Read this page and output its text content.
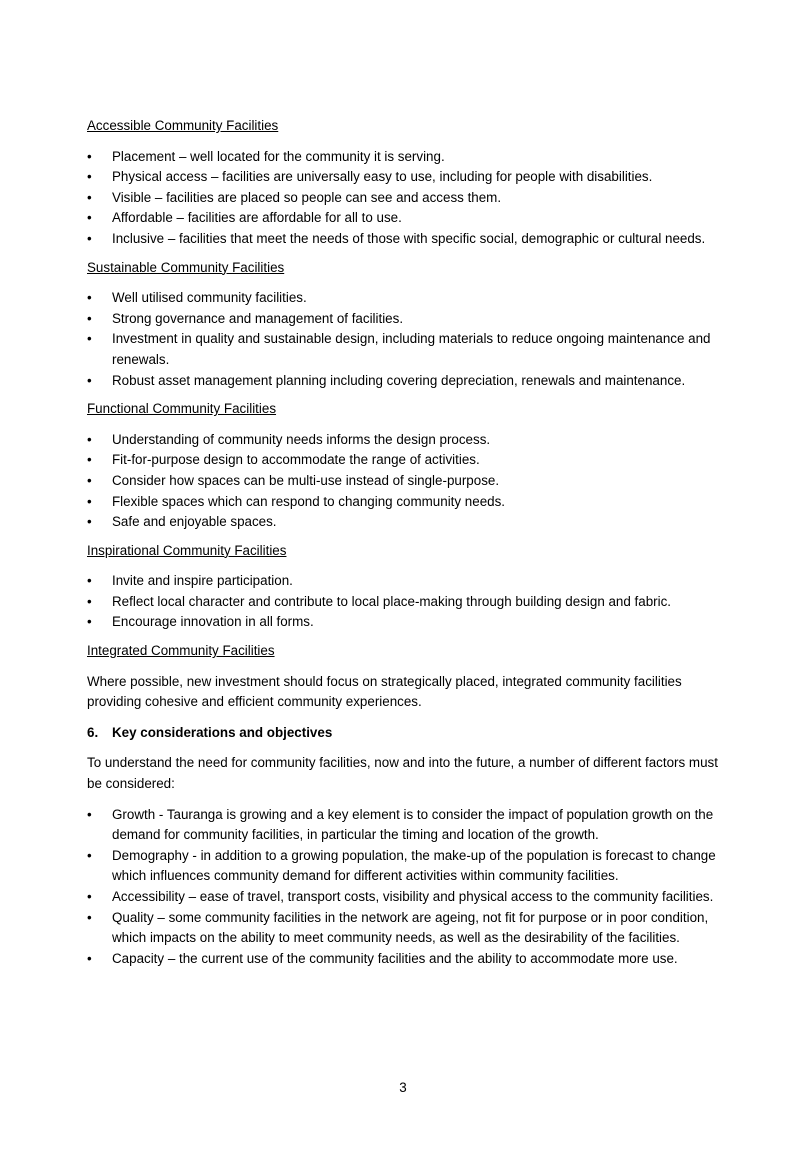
Accessible Community Facilities
•	Placement – well located for the community it is serving.
•	Physical access – facilities are universally easy to use, including for people with disabilities.
•	Visible – facilities are placed so people can see and access them.
•	Affordable – facilities are affordable for all to use.
•	Inclusive – facilities that meet the needs of those with specific social, demographic or cultural needs.
Sustainable Community Facilities
•	Well utilised community facilities.
•	Strong governance and management of facilities.
•	Investment in quality and sustainable design, including materials to reduce ongoing maintenance and renewals.
•	Robust asset management planning including covering depreciation, renewals and maintenance.
Functional Community Facilities
•	Understanding of community needs informs the design process.
•	Fit-for-purpose design to accommodate the range of activities.
•	Consider how spaces can be multi-use instead of single-purpose.
•	Flexible spaces which can respond to changing community needs.
•	Safe and enjoyable spaces.
Inspirational Community Facilities
•	Invite and inspire participation.
•	Reflect local character and contribute to local place-making through building design and fabric.
•	Encourage innovation in all forms.
Integrated Community Facilities

Where possible, new investment should focus on strategically placed, integrated community facilities providing cohesive and efficient community experiences.

6. Key considerations and objectives

To understand the need for community facilities, now and into the future, a number of different factors must be considered:

•	Growth - Tauranga is growing and a key element is to consider the impact of population growth on the demand for community facilities, in particular the timing and location of the growth.
•	Demography - in addition to a growing population, the make-up of the population is forecast to change which influences community demand for different activities within community facilities.
•	Accessibility – ease of travel, transport costs, visibility and physical access to the community facilities.
•	Quality – some community facilities in the network are ageing, not fit for purpose or in poor condition, which impacts on the ability to meet community needs, as well as the desirability of the facilities.
•	Capacity – the current use of the community facilities and the ability to accommodate more use.
3
